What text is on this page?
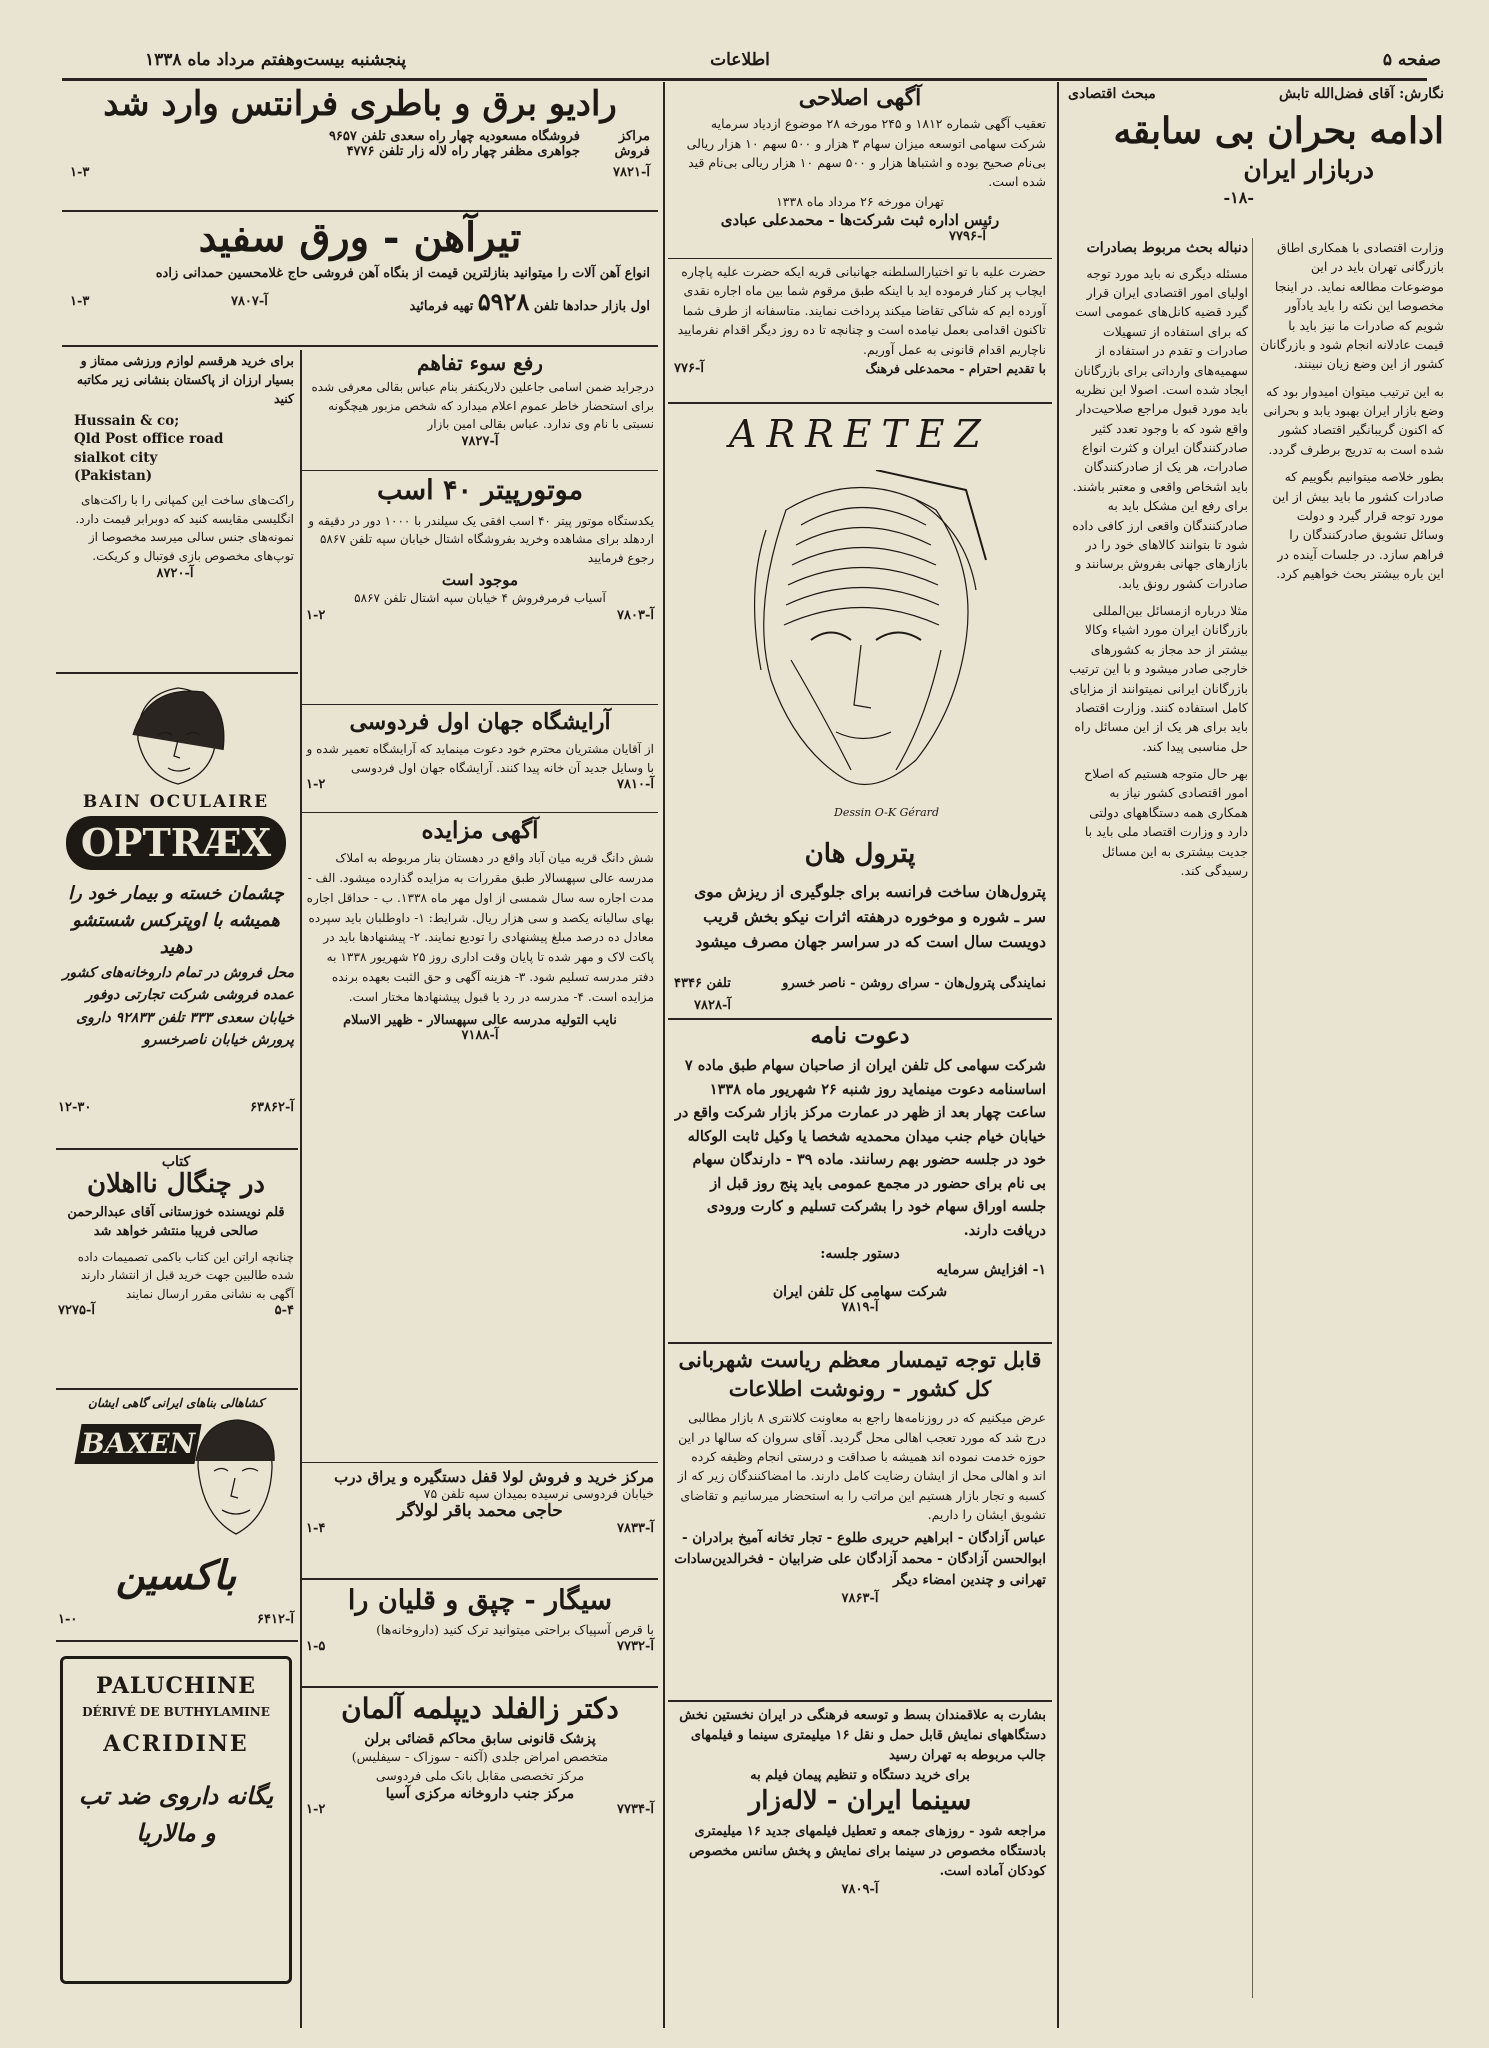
صفحه ۵
اطلاعات
پنجشنبه بیست‌وهفتم مرداد ماه ۱۳۳۸
نگارش: آقای فضل‌الله تابش
مبحث اقتصادی
ادامه بحران بی سابقه
دربازار ایران
-۱۸-
دنباله بحث مربوط بصادرات

مسئله دیگری نه باید مورد توجه اولیای امور اقتصادی ایران قرار گیرد قضیه کانل‌های عمومی است که برای استفاده از تسهیلات صادرات و تقدم در استفاده از سهمیه‌های وارداتی برای بازرگانان ایجاد شده است. اصولا این نظریه باید مورد قبول مراجع صلاحیت‌دار واقع شود که با وجود تعدد کثیر صادرکنندگان ایران و کثرت انواع صادرات، هر یک از صادرکنندگان باید اشخاص واقعی و معتبر باشند. برای رفع این مشکل باید به صادرکنندگان واقعی ارز کافی داده شود تا بتوانند کالاهای خود را در بازارهای جهانی بفروش برسانند و صادرات کشور رونق یابد.

مثلا درباره ازمسائل بین‌المللی بازرگانان ایران مورد اشیاء وکالا بیشتر از حد مجاز به کشورهای خارجی صادر میشود و با این ترتیب بازرگانان ایرانی نمیتوانند از مزایای کامل استفاده کنند. وزارت اقتصاد باید برای هر یک از این مسائل راه حل مناسبی پیدا کند.

بهر حال متوجه هستیم که اصلاح امور اقتصادی کشور نیاز به همکاری همه دستگاههای دولتی دارد و وزارت اقتصاد ملی باید با جدیت بیشتری به این مسائل رسیدگی کند.

وزارت اقتصادی با همکاری اطاق بازرگانی تهران باید در این موضوعات مطالعه نماید. در اینجا مخصوصا این نکته را باید یادآور شویم که صادرات ما نیز باید با قیمت عادلانه انجام شود و بازرگانان کشور از این وضع زیان نبینند.

به این ترتیب میتوان امیدوار بود که وضع بازار ایران بهبود یابد و بحرانی که اکنون گریبانگیر اقتصاد کشور شده است به تدریج برطرف گردد.

بطور خلاصه میتوانیم بگوییم که صادرات کشور ما باید بیش از این مورد توجه قرار گیرد و دولت وسائل تشویق صادرکنندگان را فراهم سازد. در جلسات آینده در این باره بیشتر بحث خواهیم کرد.

آگهی اصلاحی
تعقیب آگهی شماره ۱۸۱۲ و ۲۴۵ مورخه ۲۸ موضوع ازدیاد سرمایه شرکت سهامی اتوسعه میزان سهام ۳ هزار و ۵۰۰ سهم ۱۰ هزار ریالی بی‌نام صحیح بوده و اشتباها هزار و ۵۰۰ سهم ۱۰ هزار ریالی بی‌نام قید شده است.
تهران مورخه ۲۶ مرداد ماه ۱۳۳۸
رئیس اداره ثبت شرکت‌ها - محمدعلی عبادی
آ-۷۷۹۶
حضرت علیه با تو اختیارالسلطنه جهانبانی قریه ایکه حضرت علیه پاچاره ایچاب پر کنار فرموده اید با اینکه طبق مرقوم شما بین ماه اجاره نقدی آورده ایم که شاکی تقاضا میکند پرداخت نمایند. متاسفانه از طرف شما تاکنون اقدامی بعمل نیامده است و چنانچه تا ده روز دیگر اقدام نفرمایید ناچاریم اقدام قانونی به عمل آوریم.
با تقدیم احترام - محمدعلی فرهنگ
آ-۷۷۶
ARRETEZ
Dessin O-K Gérard
پترول هان
پترول‌هان ساخت فرانسه برای جلوگیری از ریزش موی سر ـ شوره و موخوره درهفته اثرات نیکو بخش قریب دویست سال است که در سراسر جهان مصرف میشود
نمایندگی پترول‌هان - سرای روشن - ناصر خسرو
تلفن ۴۳۴۶
آ-۷۸۲۸
دعوت نامه
شرکت سهامی کل تلفن ایران از صاحبان سهام طبق ماده ۷ اساسنامه دعوت مینماید روز شنبه ۲۶ شهریور ماه ۱۳۳۸ ساعت چهار بعد از ظهر در عمارت مرکز بازار شرکت واقع در خیابان خیام جنب میدان محمدیه شخصا یا وکیل ثابت الوکاله خود در جلسه حضور بهم رسانند. ماده ۳۹ - دارندگان سهام بی نام برای حضور در مجمع عمومی باید پنج روز قبل از جلسه اوراق سهام خود را بشرکت تسلیم و کارت ورودی دریافت دارند.
دستور جلسه:
۱- افزایش سرمایه
شرکت سهامی کل تلفن ایران
آ-۷۸۱۹
قابل توجه تیمسار معظم ریاست شهربانی
کل کشور - رونوشت اطلاعات
عرض میکنیم که در روزنامه‌ها راجع به معاونت کلانتری ۸ بازار مطالبی درج شد که مورد تعجب اهالی محل گردید. آقای سروان که سالها در این حوزه خدمت نموده اند همیشه با صداقت و درستی انجام وظیفه کرده اند و اهالی محل از ایشان رضایت کامل دارند. ما امضاکنندگان زیر که از کسبه و تجار بازار هستیم این مراتب را به استحضار میرسانیم و تقاضای تشویق ایشان را داریم.
عباس آزادگان - ابراهیم حریری طلوع - تجار تخانه آمیخ برادران - ابوالحسن آزادگان - محمد آزادگان علی ضرابیان - فخرالدین‌سادات تهرانی و چندین امضاء دیگر
آ-۷۸۶۳
بشارت به علاقمندان بسط و توسعه فرهنگی در ایران نخستین نخش دستگاههای نمایش قابل حمل و نقل ۱۶ میلیمتری سینما و فیلمهای جالب مربوطه به تهران رسید
برای خرید دستگاه و تنظیم پیمان فیلم به
سینما ایران - لاله‌زار
مراجعه شود - روزهای جمعه و تعطیل فیلمهای جدید ۱۶ میلیمتری بادستگاه مخصوص در سینما برای نمایش و پخش سانس مخصوص کودکان آماده است.
آ-۷۸۰۹
رادیو برق و باطری فرانتس وارد شد
مراکز فروش
فروشگاه مسعودیه چهار راه سعدی تلفن ۹۶۵۷
جواهری مظفر چهار راه لاله زار تلفن ۴۷۷۶
آ-۷۸۲۱
۱-۳
تیرآهن - ورق سفید
انواع آهن آلات را میتوانید بنازلترین قیمت از بنگاه آهن فروشی حاج غلامحسین حمدانی زاده
اول بازار حداد‌ها تلفن ۵۹۲۸ تهیه فرمائید
آ-۷۸۰۷
۱-۳
رفع سوء تفاهم
درجراید ضمن اسامی جاعلین دلاریکنفر بنام عباس بقالی معرفی شده برای استحضار خاطر عموم اعلام میدارد که شخص مزبور هیچگونه نسبتی با نام وی ندارد. عباس بقالی امین بازار
آ-۷۸۲۷
موتورپیتر ۴۰ اسب
یکدستگاه موتور پیتر ۴۰ اسب افقی یک سیلندر با ۱۰۰۰ دور در دقیقه و اردهلد برای مشاهده وخرید بفروشگاه اشتال خیابان سپه تلفن ۵۸۶۷ رجوع فرمایید
موجود است
آسیاب فرمرفروش ۴ خیابان سپه اشتال تلفن ۵۸۶۷
آ-۷۸۰۳
۱-۲
آرایشگاه جهان اول فردوسی
از آقایان مشتریان محترم خود دعوت مینماید که آرایشگاه تعمیر شده و با وسایل جدید آن خانه پیدا کنند. آرایشگاه جهان اول فردوسی
آ-۷۸۱۰
۱-۲
آگهی مزایده
شش دانگ قریه میان آباد واقع در دهستان بنار مربوطه به املاک مدرسه عالی سپهسالار طبق مقررات به مزایده گذارده میشود. الف - مدت اجاره سه سال شمسی از اول مهر ماه ۱۳۳۸. ب - حداقل اجاره بهای سالیانه یکصد و سی هزار ریال. شرایط: ۱- داوطلبان باید سپرده معادل ده درصد مبلغ پیشنهادی را تودیع نمایند. ۲- پیشنهادها باید در پاکت لاک و مهر شده تا پایان وقت اداری روز ۲۵ شهریور ۱۳۳۸ به دفتر مدرسه تسلیم شود. ۳- هزینه آگهی و حق الثبت بعهده برنده مزایده است. ۴- مدرسه در رد یا قبول پیشنهادها مختار است.
نایب التولیه مدرسه عالی سپهسالار - ظهیر الاسلام
آ-۷۱۸۸
مرکز خرید و فروش لولا قفل دستگیره و یراق درب
خیابان فردوسی نرسیده بمیدان سپه تلفن ۷۵
حاجی محمد باقر لولاگر
آ-۷۸۳۳
۱-۴
سیگار - چپق و قلیان را
با قرص آسپیاک براحتی میتوانید ترک کنید (داروخانه‌ها)
آ-۷۷۳۲
۱-۵
دکتر زالفلد دیپلمه آلمان
پزشک قانونی سابق محاکم قضائی برلن
متخصص امراض جلدی (آکنه - سوزاک - سیفلیس)
مرکز تخصصی مقابل بانک ملی فردوسی
مرکز جنب داروخانه مرکزی آسیا
آ-۷۷۳۴
۱-۲
برای خرید هرقسم لوازم ورزشی ممتاز و بسیار ارزان از پاکستان بنشانی زیر مکاتبه کنید
Hussain & co;
Qld Post office road
sialkot city
(Pakistan)
راکت‌های ساخت این کمپانی را با راکت‌های انگلیسی مقایسه کنید که دوبرابر قیمت دارد. نمونه‌های جنس سالی میرسد مخصوصا از توپ‌های مخصوص بازی فوتبال و کریکت.
آ-۸۷۲۰
BAIN OCULAIRE
OPTRÆX
چشمان خسته و بیمار خود را همیشه با اوپترکس شستشو دهید
محل فروش در تمام داروخانه‌های کشور عمده فروشی شرکت تجارتی دوفور خیابان سعدی ۳۳۳ تلفن ۹۲۸۳۳ داروی پرورش خیابان ناصرخسرو
۱۲-۳۰	آ-۶۳۸۶۲
کتاب
در چنگال نااهلان
قلم نویسنده خوزستانی آقای عبدالرحمن صالحی فریبا منتشر خواهد شد
چنانچه اراتن این کتاب باکمی تصمیمات داده شده طالبین جهت خرید قبل از انتشار دارند آگهی به نشانی مقرر ارسال نمایند
۵-۴
آ-۷۲۷۵
کشاهالی بناهای ایرانی گاهی ایشان
BAXEN
باکسین
۱-۰	آ-۶۴۱۲
PALUCHINE
DÉRIVÉ DE BUTHYLAMINE
ACRIDINE
یگانه داروی ضد تب و مالاریا
